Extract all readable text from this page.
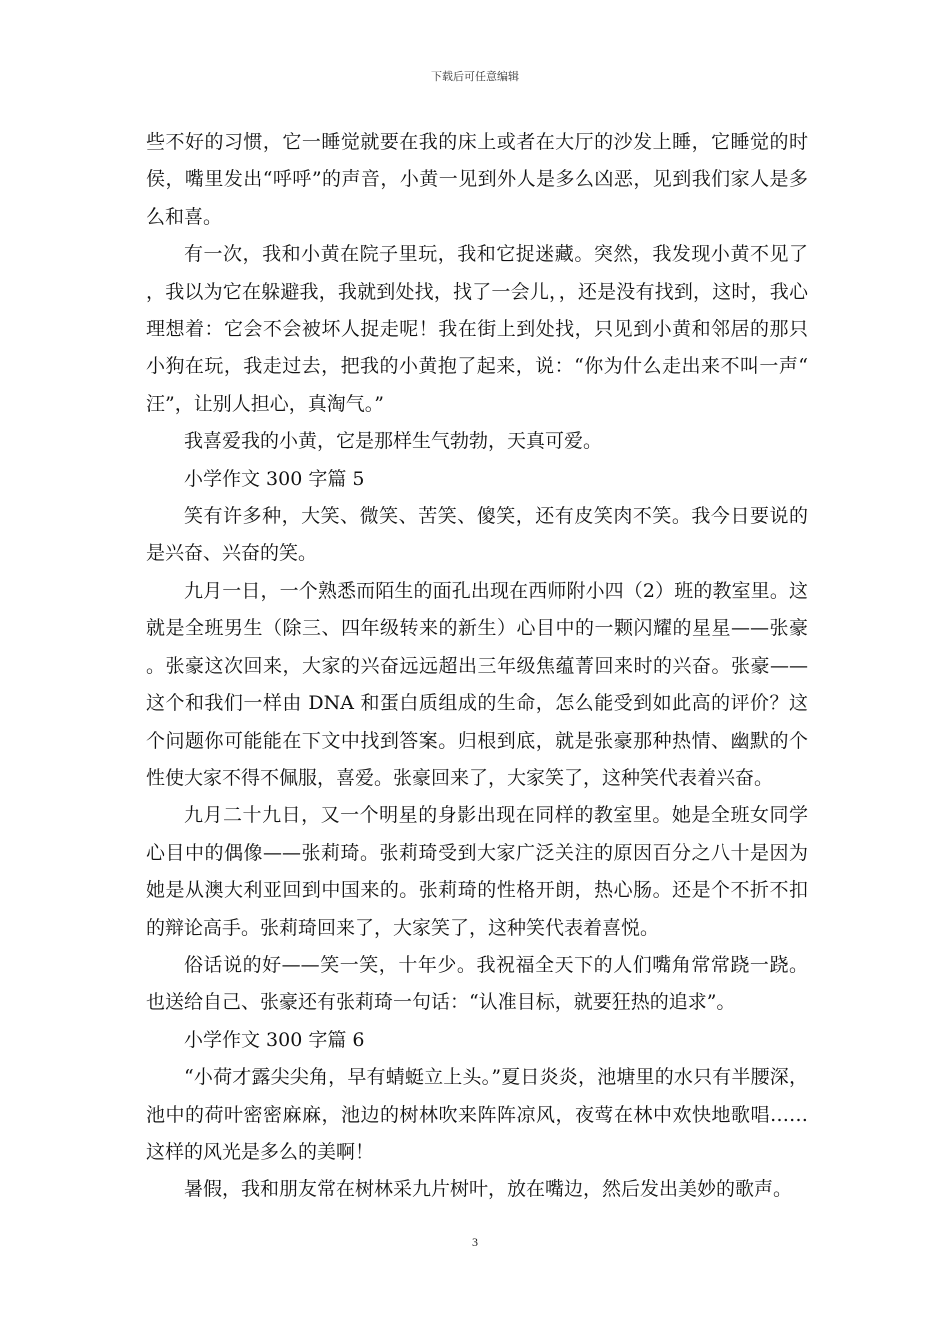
下载后可任意编辑

些不好的习惯，它一睡觉就要在我的床上或者在大厅的沙发上睡，它睡觉的时侯，嘴里发出“呼呼”的声音，小黄一见到外人是多么凶恶，见到我们家人是多么和喜。

有一次，我和小黄在院子里玩，我和它捉迷藏。突然，我发现小黄不见了，我以为它在躲避我，我就到处找，找了一会儿，，还是没有找到，这时，我心理想着：它会不会被坏人捉走呢！我在街上到处找，只见到小黄和邻居的那只小狗在玩，我走过去，把我的小黄抱了起来，说：“你为什么走出来不叫一声“汪”，让别人担心，真淘气。”

我喜爱我的小黄，它是那样生气勃勃，天真可爱。

小学作文 300 字篇 5

笑有许多种，大笑、微笑、苦笑、傻笑，还有皮笑肉不笑。我今日要说的是兴奋、兴奋的笑。

九月一日，一个熟悉而陌生的面孔出现在西师附小四（2）班的教室里。这就是全班男生（除三、四年级转来的新生）心目中的一颗闪耀的星星——张豪。张豪这次回来，大家的兴奋远远超出三年级焦蕴菁回来时的兴奋。张豪——这个和我们一样由 DNA 和蛋白质组成的生命，怎么能受到如此高的评价？这个问题你可能能在下文中找到答案。归根到底，就是张豪那种热情、幽默的个性使大家不得不佩服，喜爱。张豪回来了，大家笑了，这种笑代表着兴奋。

九月二十九日，又一个明星的身影出现在同样的教室里。她是全班女同学心目中的偶像——张莉琦。张莉琦受到大家广泛关注的原因百分之八十是因为她是从澳大利亚回到中国来的。张莉琦的性格开朗，热心肠。还是个不折不扣的辩论高手。张莉琦回来了，大家笑了，这种笑代表着喜悦。

俗话说的好——笑一笑，十年少。我祝福全天下的人们嘴角常常跷一跷。也送给自己、张豪还有张莉琦一句话：“认准目标，就要狂热的追求”。

小学作文 300 字篇 6

“小荷才露尖尖角，早有蜻蜓立上头。”夏日炎炎，池塘里的水只有半腰深，池中的荷叶密密麻麻，池边的树林吹来阵阵凉风，夜莺在林中欢快地歌唱……这样的风光是多么的美啊！

暑假，我和朋友常在树林采九片树叶，放在嘴边，然后发出美妙的歌声。

3
